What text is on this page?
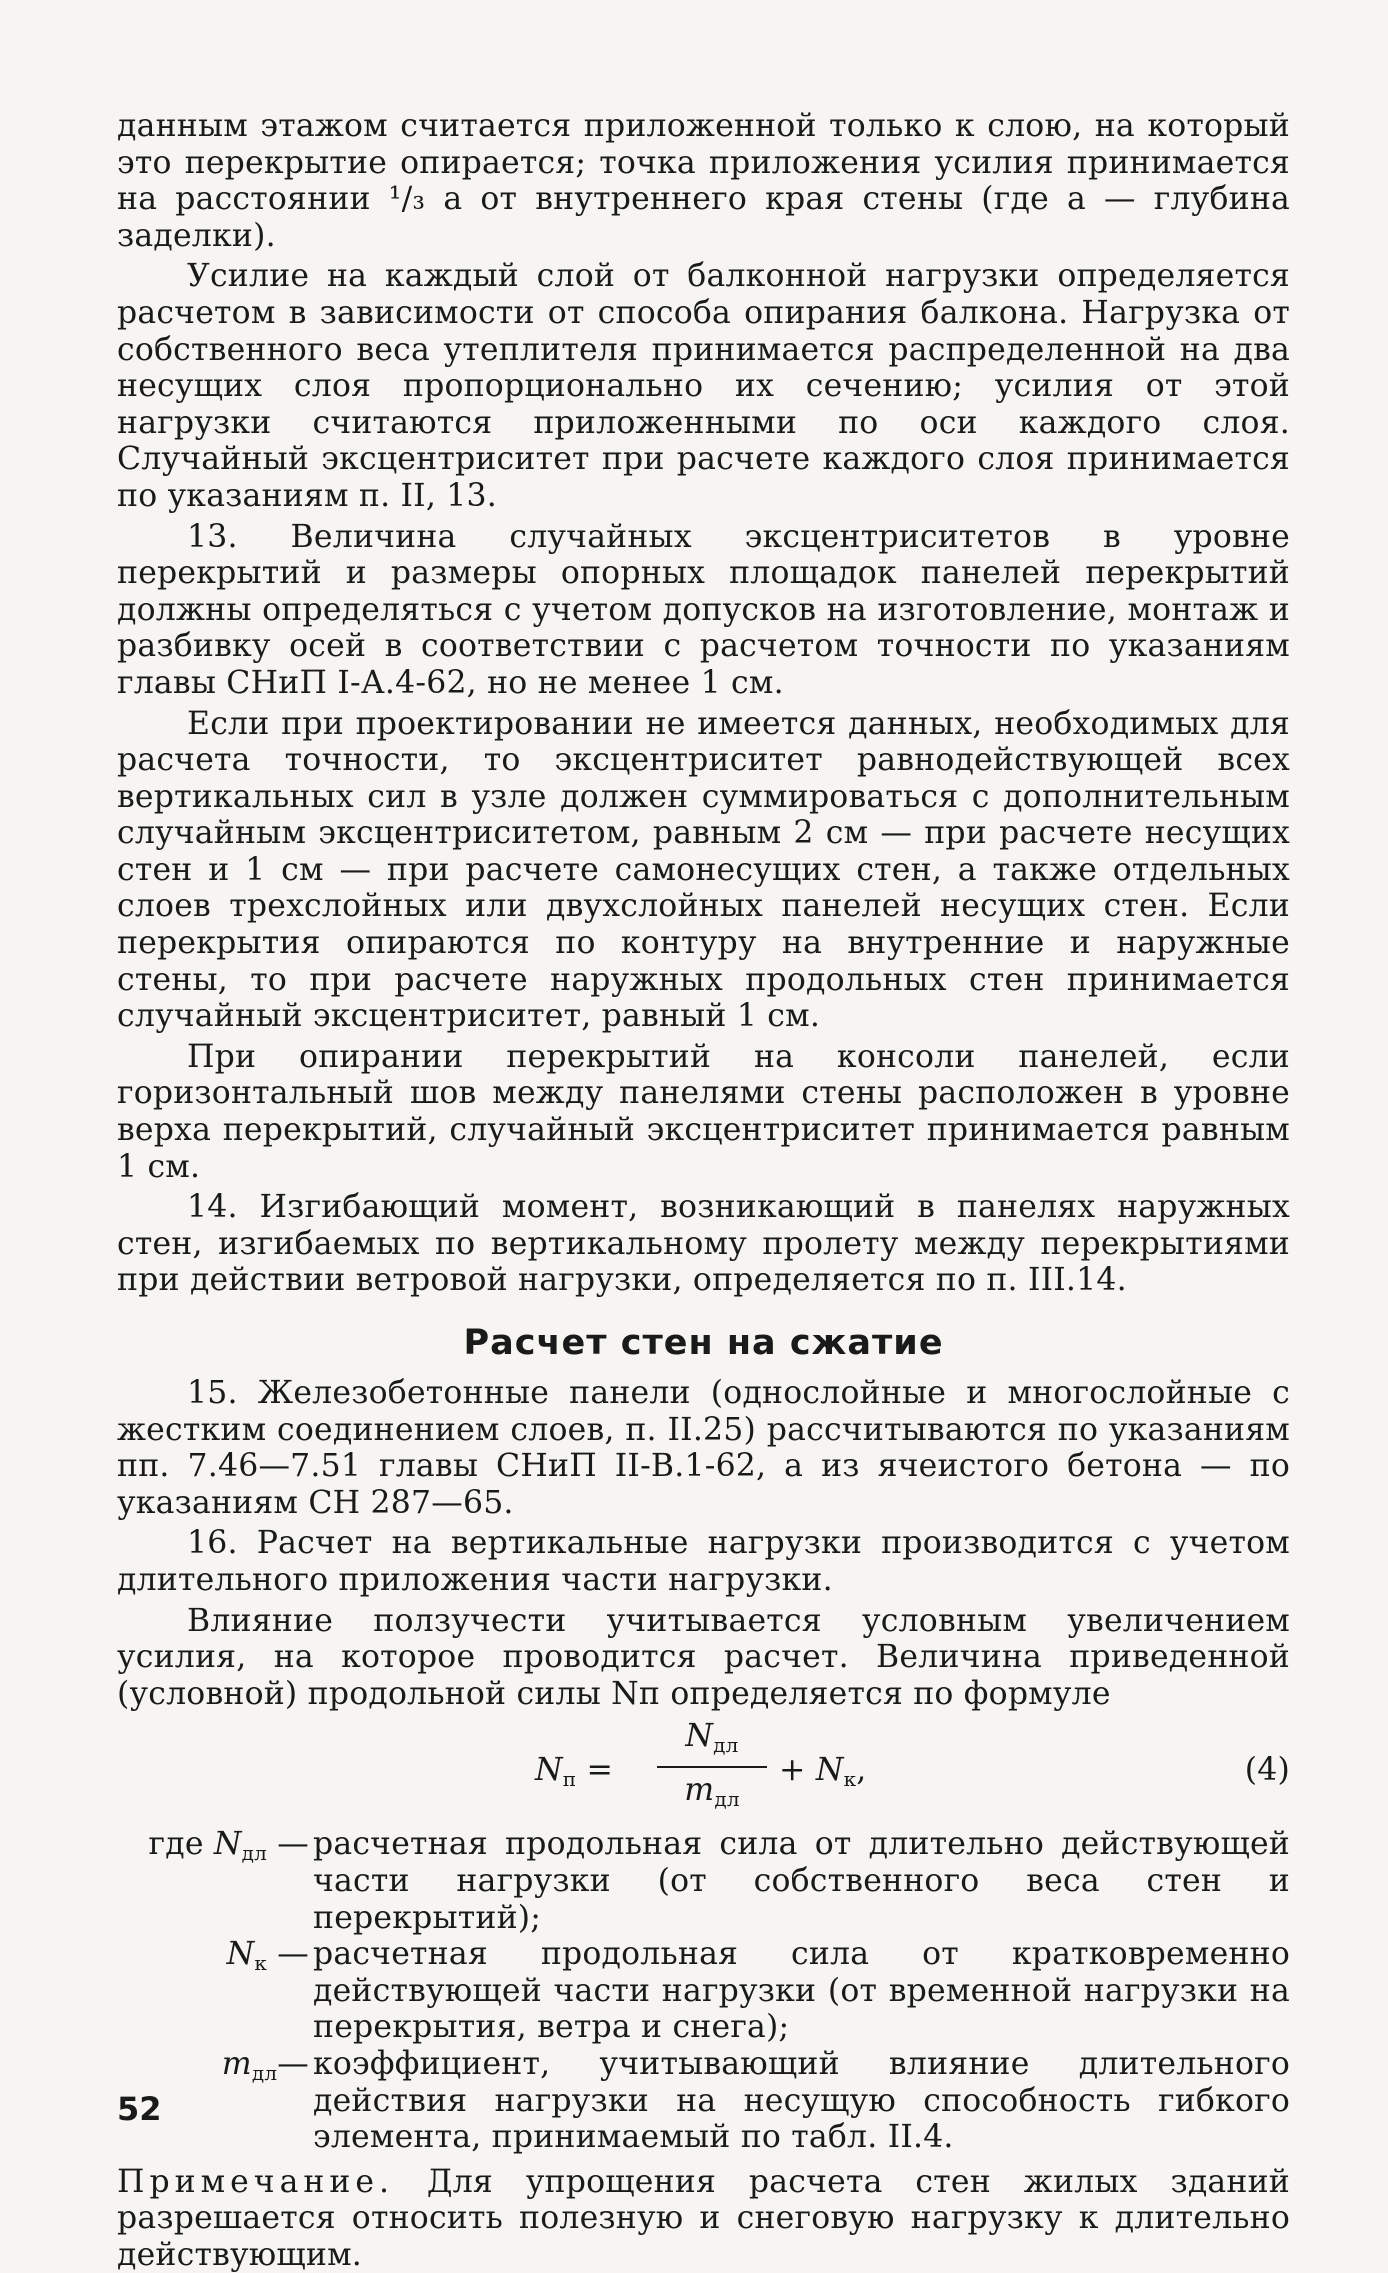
данным этажом считается приложенной только к слою, на который это перекрытие опирается; точка приложения усилия принимается на расстоянии ¹/₃ a от внутреннего края стены (где a — глубина заделки).

Усилие на каждый слой от балконной нагрузки определяется расчетом в зависимости от способа опирания балкона. Нагрузка от собственного веса утеплителя принимается распределенной на два несущих слоя пропорционально их сечению; усилия от этой нагрузки считаются приложенными по оси каждого слоя. Случайный эксцентриситет при расчете каждого слоя принимается по указаниям п. II, 13.

13. Величина случайных эксцентриситетов в уровне перекрытий и размеры опорных площадок панелей перекрытий должны определяться с учетом допусков на изготовление, монтаж и разбивку осей в соответствии с расчетом точности по указаниям главы СНиП I-А.4-62, но не менее 1 см.

Если при проектировании не имеется данных, необходимых для расчета точности, то эксцентриситет равнодействующей всех вертикальных сил в узле должен суммироваться с дополнительным случайным эксцентриситетом, равным 2 см — при расчете несущих стен и 1 см — при расчете самонесущих стен, а также отдельных слоев трехслойных или двухслойных панелей несущих стен. Если перекрытия опираются по контуру на внутренние и наружные стены, то при расчете наружных продольных стен принимается случайный эксцентриситет, равный 1 см.

При опирании перекрытий на консоли панелей, если горизонтальный шов между панелями стены расположен в уровне верха перекрытий, случайный эксцентриситет принимается равным 1 см.

14. Изгибающий момент, возникающий в панелях наружных стен, изгибаемых по вертикальному пролету между перекрытиями при действии ветровой нагрузки, определяется по п. III.14.

Расчет стен на сжатие

15. Железобетонные панели (однослойные и многослойные с жестким соединением слоев, п. II.25) рассчитываются по указаниям пп. 7.46—7.51 главы СНиП II-В.1-62, а из ячеистого бетона — по указаниям СН 287—65.

16. Расчет на вертикальные нагрузки производится с учетом длительного приложения части нагрузки.

Влияние ползучести учитывается условным увеличением усилия, на которое проводится расчет. Величина приведенной (условной) продольной силы Nп определяется по формуле

$N_п$ =
$N_{дл}$
$m_{дл}$
+ $N_к$,	(4)
где $N_{дл}$ — расчетная продольная сила от длительно действующей части нагрузки (от собственного веса стен и перекрытий);
$N_к$ — расчетная продольная сила от кратковременно действующей части нагрузки (от временной нагрузки на перекрытия, ветра и снега);
$m_{дл}—$ коэффициент, учитывающий влияние длительного действия нагрузки на несущую способность гибкого элемента, принимаемый по табл. II.4.

Примечание. Для упрощения расчета стен жилых зданий разрешается относить полезную и снеговую нагрузку к длительно действующим.

52
